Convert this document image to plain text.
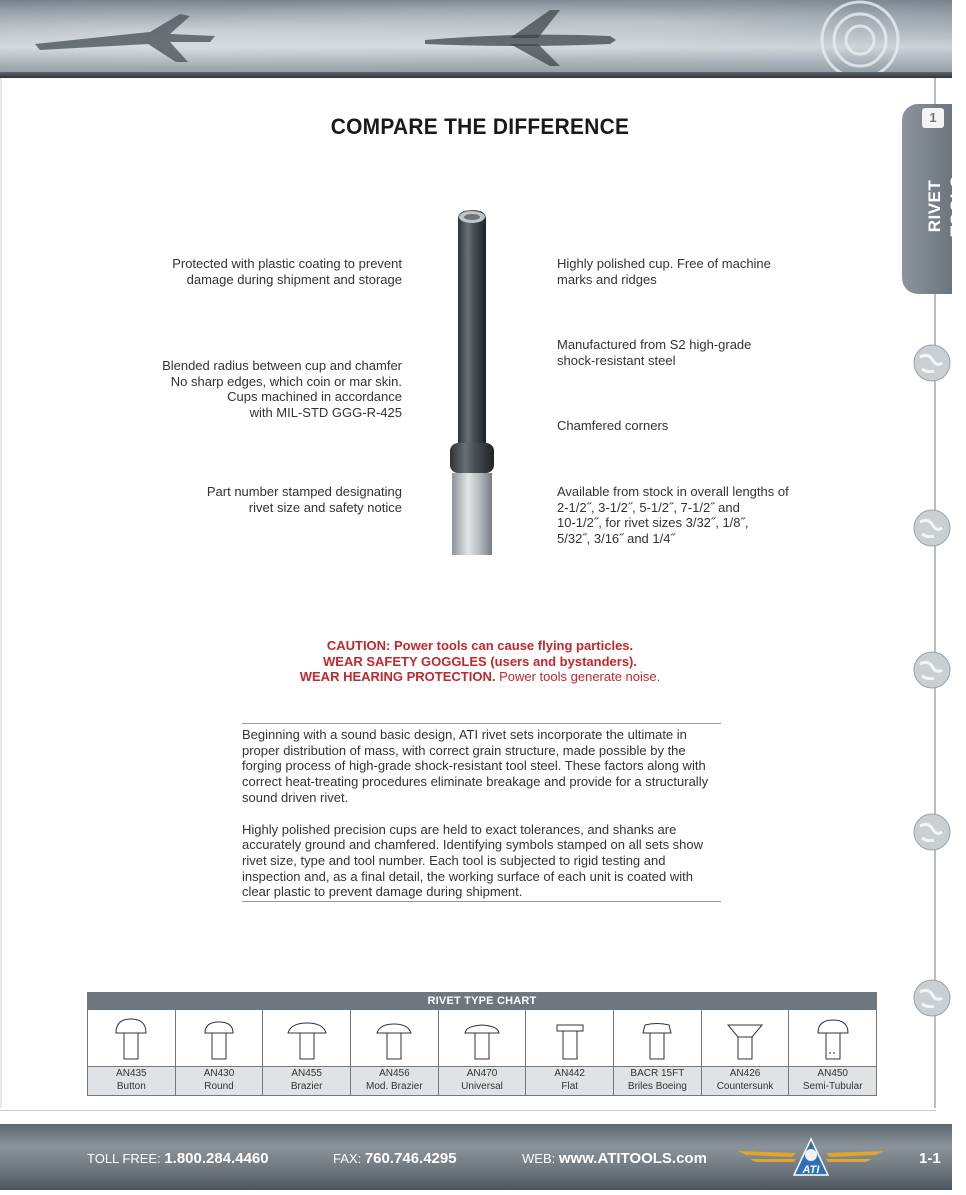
1
RIVET TOOLS
COMPARE THE DIFFERENCE
Protected with plastic coating to prevent
damage during shipment and storage
Blended radius between cup and chamfer
No sharp edges, which coin or mar skin.
Cups machined in accordance
with MIL-STD GGG-R-425
Part number stamped designating
rivet size and safety notice
Highly polished cup. Free of machine
marks and ridges
Manufactured from S2 high-grade
shock-resistant steel
Chamfered corners
Available from stock in overall lengths of
2-1/2˝, 3-1/2˝, 5-1/2˝, 7-1/2˝ and
10-1/2˝, for rivet sizes 3/32˝, 1/8˝,
5/32˝, 3/16˝ and 1/4˝
CAUTION: Power tools can cause flying particles.
WEAR SAFETY GOGGLES (users and bystanders).
WEAR HEARING PROTECTION. Power tools generate noise.

Beginning with a sound basic design, ATI rivet sets incorporate the ultimate in proper distribution of mass, with correct grain structure, made possible by the forging process of high-grade shock-resistant tool steel. These factors along with correct heat-treating procedures eliminate breakage and provide for a structurally sound driven rivet.

Highly polished precision cups are held to exact tolerances, and shanks are accurately ground and chamfered. Identifying symbols stamped on all sets show rivet size, type and tool number. Each tool is subjected to rigid testing and inspection and, as a final detail, the working surface of each unit is coated with clear plastic to prevent damage during shipment.

RIVET TYPE CHART
AN435
Button
AN430
Round
AN455
Brazier
AN456
Mod. Brazier
AN470
Universal
AN442
Flat
BACR 15FT
Briles Boeing
AN426
Countersunk
AN450
Semi-Tubular
TOLL FREE: 1.800.284.4460	FAX: 760.746.4295	WEB: www.ATITOOLS.com
ATI
1-1
